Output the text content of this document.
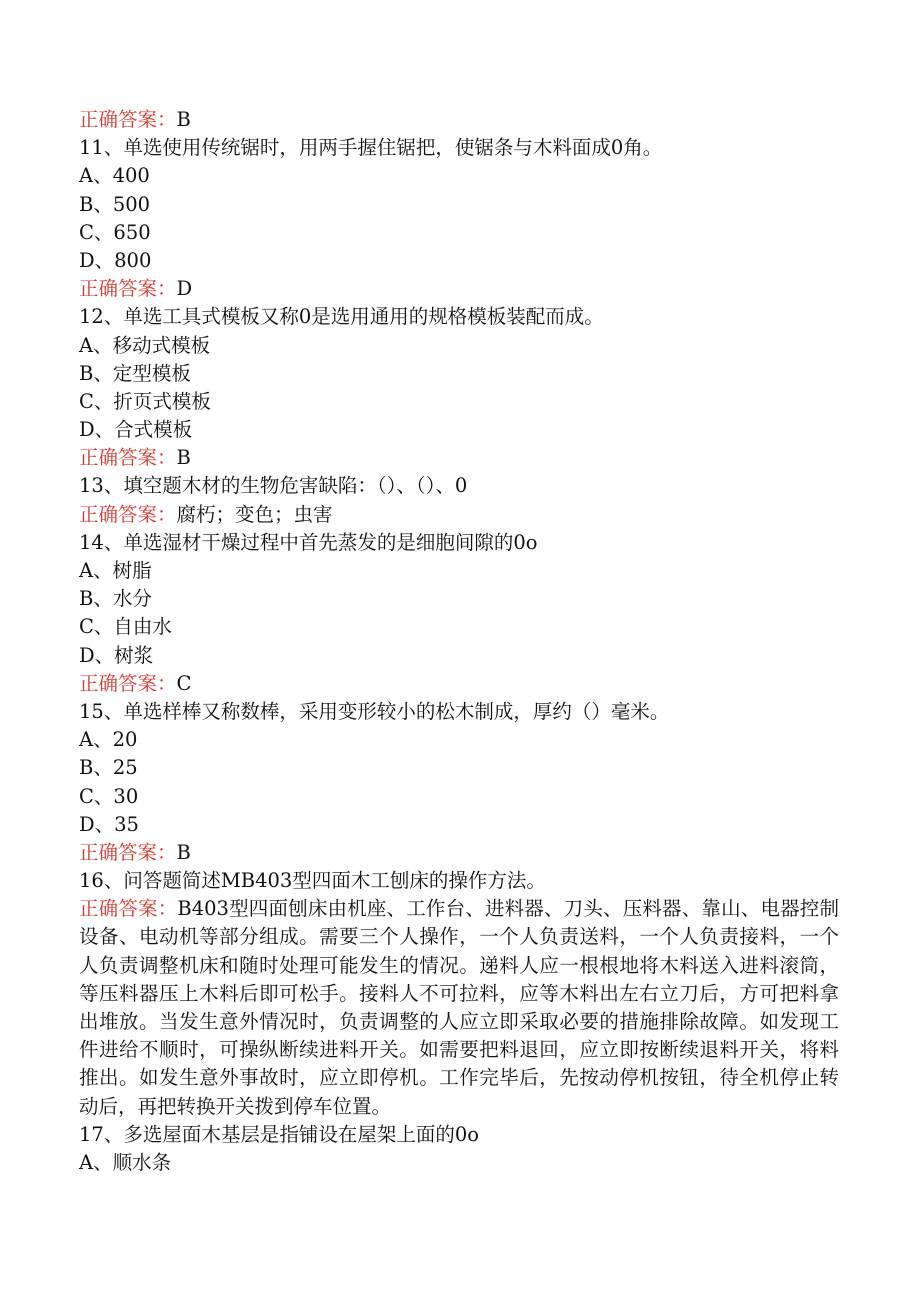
正确答案：B
11、单选使用传统锯时，用两手握住锯把，使锯条与木料面成0角。
A、400
B、500
C、650
D、800
正确答案：D
12、单选工具式模板又称0是选用通用的规格模板装配而成。
A、移动式模板
B、定型模板
C、折页式模板
D、合式模板
正确答案：B
13、填空题木材的生物危害缺陷：（）、（）、0
正确答案：腐朽；变色；虫害
14、单选湿材干燥过程中首先蒸发的是细胞间隙的0o
A、树脂
B、水分
C、自由水
D、树浆
正确答案：C
15、单选样棒又称数棒，采用变形较小的松木制成，厚约（）毫米。
A、20
B、25
C、30
D、35
正确答案：B
16、问答题简述MB403型四面木工刨床的操作方法。
正确答案：B403型四面刨床由机座、工作台、进料器、刀头、压料器、靠山、电器控制设备、电动机等部分组成。需要三个人操作，一个人负责送料，一个人负责接料，一个人负责调整机床和随时处理可能发生的情况。递料人应一根根地将木料送入进料滚筒，等压料器压上木料后即可松手。接料人不可拉料，应等木料出左右立刀后，方可把料拿出堆放。当发生意外情况时，负责调整的人应立即采取必要的措施排除故障。如发现工件进给不顺时，可操纵断续进料开关。如需要把料退回，应立即按断续退料开关，将料推出。如发生意外事故时，应立即停机。工作完毕后，先按动停机按钮，待全机停止转动后，再把转换开关拨到停车位置。
17、多选屋面木基层是指铺设在屋架上面的0o
A、顺水条
